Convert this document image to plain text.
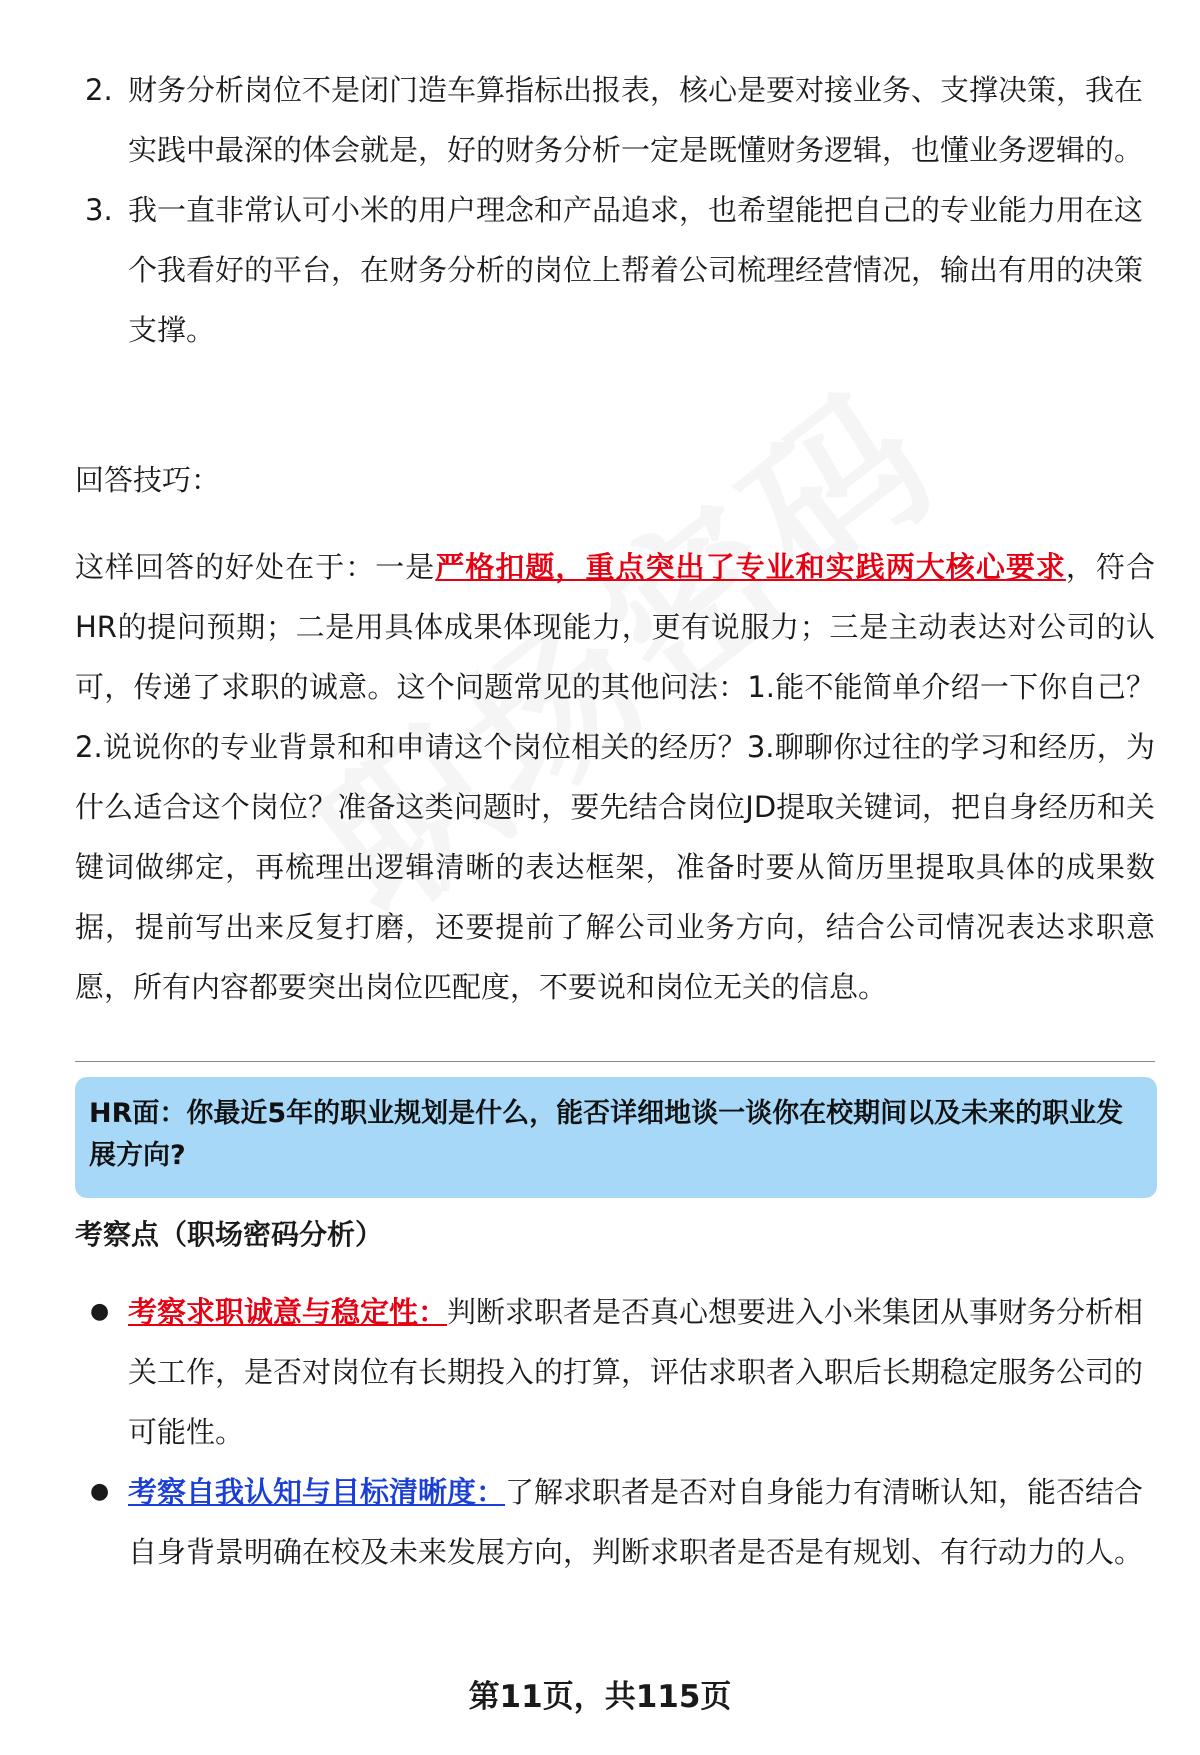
2. 财务分析岗位不是闭门造车算指标出报表，核心是要对接业务、支撑决策，我在实践中最深的体会就是，好的财务分析一定是既懂财务逻辑，也懂业务逻辑的。
3. 我一直非常认可小米的用户理念和产品追求，也希望能把自己的专业能力用在这个我看好的平台，在财务分析的岗位上帮着公司梳理经营情况，输出有用的决策支撑。
回答技巧：
这样回答的好处在于：一是严格扣题，重点突出了专业和实践两大核心要求，符合HR的提问预期；二是用具体成果体现能力，更有说服力；三是主动表达对公司的认可，传递了求职的诚意。这个问题常见的其他问法：1.能不能简单介绍一下你自己？2.说说你的专业背景和和申请这个岗位相关的经历？3.聊聊你过往的学习和经历，为什么适合这个岗位？准备这类问题时，要先结合岗位JD提取关键词，把自身经历和关键词做绑定，再梳理出逻辑清晰的表达框架，准备时要从简历里提取具体的成果数据，提前写出来反复打磨，还要提前了解公司业务方向，结合公司情况表达求职意愿，所有内容都要突出岗位匹配度，不要说和岗位无关的信息。
HR面：你最近5年的职业规划是什么，能否详细地谈一谈你在校期间以及未来的职业发展方向?
考察点（职场密码分析）
● 考察求职诚意与稳定性：判断求职者是否真心想要进入小米集团从事财务分析相关工作，是否对岗位有长期投入的打算，评估求职者入职后长期稳定服务公司的可能性。
● 考察自我认知与目标清晰度：了解求职者是否对自身能力有清晰认知，能否结合自身背景明确在校及未来发展方向，判断求职者是否是有规划、有行动力的人。
第11页，共115页
